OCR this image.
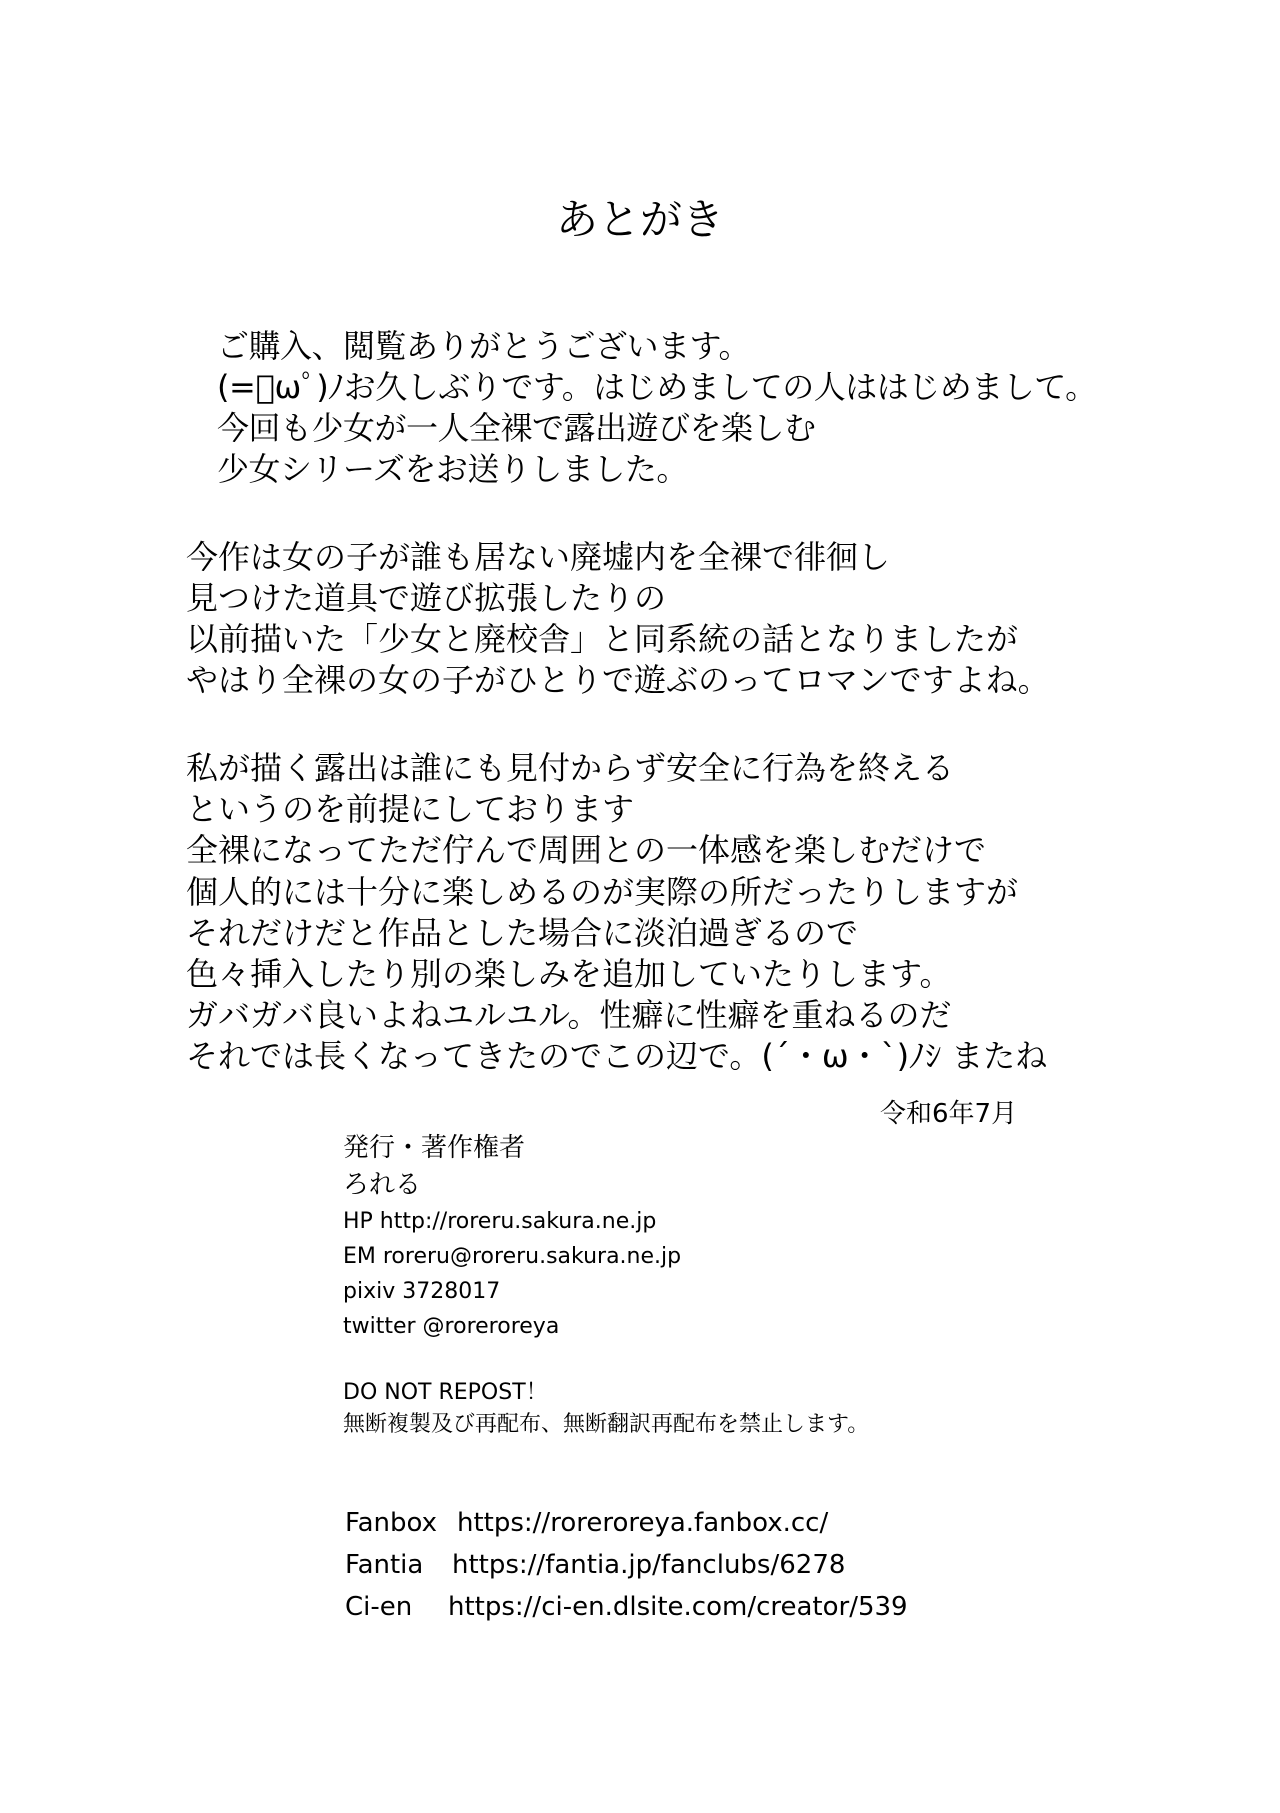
あとがき
ご購入、閲覧ありがとうございます。
(=ﾟωﾟ)ﾉお久しぶりです。はじめましての人ははじめまして。
今回も少女が一人全裸で露出遊びを楽しむ
少女シリーズをお送りしました。
今作は女の子が誰も居ない廃墟内を全裸で徘徊し
見つけた道具で遊び拡張したりの
以前描いた「少女と廃校舎」と同系統の話となりましたが
やはり全裸の女の子がひとりで遊ぶのってロマンですよね。
私が描く露出は誰にも見付からず安全に行為を終える
というのを前提にしております
全裸になってただ佇んで周囲との一体感を楽しむだけで
個人的には十分に楽しめるのが実際の所だったりしますが
それだけだと作品とした場合に淡泊過ぎるので
色々挿入したり別の楽しみを追加していたりします。
ガバガバ良いよねユルユル。性癖に性癖を重ねるのだ
それでは長くなってきたのでこの辺で。(´・ω・`)ﾉｼ またね
令和6年7月
発行・著作権者
ろれる
HP http://roreru.sakura.ne.jp
EM roreru@roreru.sakura.ne.jp
pixiv 3728017
twitter @roreroreya
DO NOT REPOST！
無断複製及び再配布、無断翻訳再配布を禁止します。
Fanbox https://roreroreya.fanbox.cc/
Fantia https://fantia.jp/fanclubs/6278
Ci-en https://ci-en.dlsite.com/creator/539
